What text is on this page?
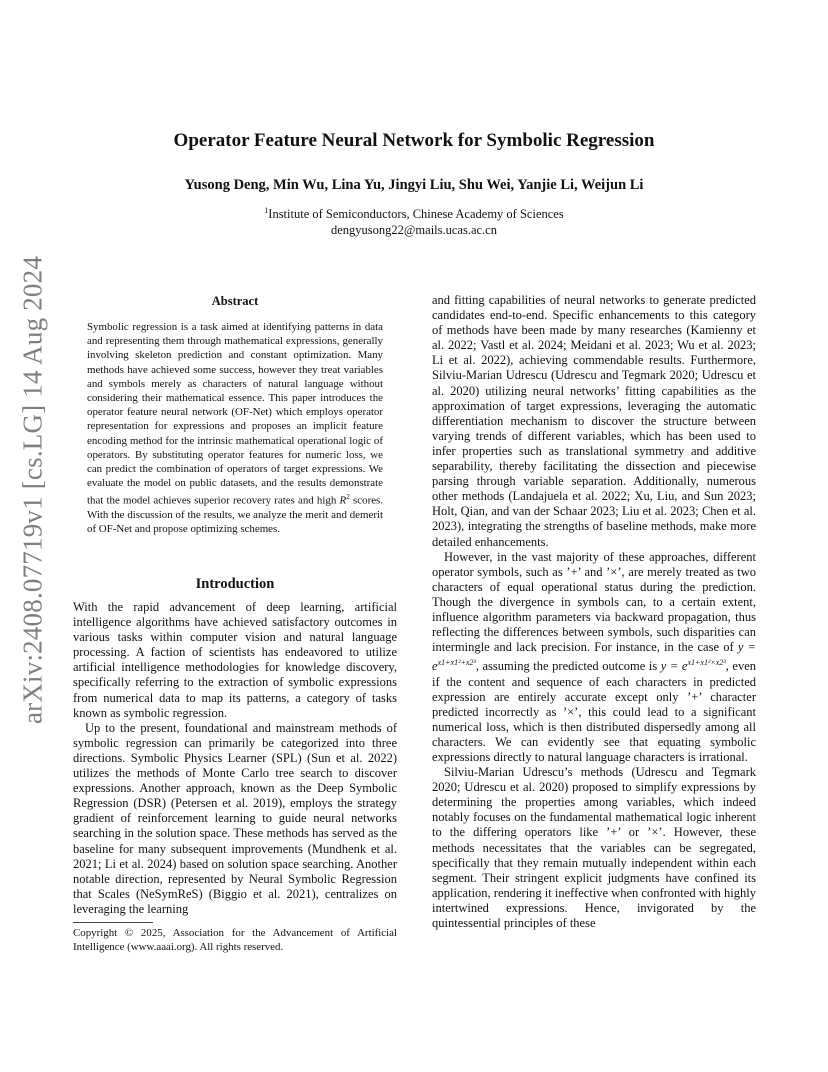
arXiv:2408.07719v1 [cs.LG] 14 Aug 2024
Operator Feature Neural Network for Symbolic Regression
Yusong Deng, Min Wu, Lina Yu, Jingyi Liu, Shu Wei, Yanjie Li, Weijun Li
$^1$Institute of Semiconductors, Chinese Academy of Sciences
dengyusong22@mails.ucas.ac.cn
Abstract
Symbolic regression is a task aimed at identifying patterns in data and representing them through mathematical expressions, generally involving skeleton prediction and constant optimization. Many methods have achieved some success, however they treat variables and symbols merely as characters of natural language without considering their mathematical essence. This paper introduces the operator feature neural network (OF-Net) which employs operator representation for expressions and proposes an implicit feature encoding method for the intrinsic mathematical operational logic of operators. By substituting operator features for numeric loss, we can predict the combination of operators of target expressions. We evaluate the model on public datasets, and the results demonstrate that the model achieves superior recovery rates and high $R^2$ scores. With the discussion of the results, we analyze the merit and demerit of OF-Net and propose optimizing schemes.
Introduction

With the rapid advancement of deep learning, artificial intelligence algorithms have achieved satisfactory outcomes in various tasks within computer vision and natural language processing. A faction of scientists has endeavored to utilize artificial intelligence methodologies for knowledge discovery, specifically referring to the extraction of symbolic expressions from numerical data to map its patterns, a category of tasks known as symbolic regression.

Up to the present, foundational and mainstream methods of symbolic regression can primarily be categorized into three directions. Symbolic Physics Learner (SPL) (Sun et al. 2022) utilizes the methods of Monte Carlo tree search to discover expressions. Another approach, known as the Deep Symbolic Regression (DSR) (Petersen et al. 2019), employs the strategy gradient of reinforcement learning to guide neural networks searching in the solution space. These methods has served as the baseline for many subsequent improvements (Mundhenk et al. 2021; Li et al. 2024) based on solution space searching. Another notable direction, represented by Neural Symbolic Regression that Scales (NeSymReS) (Biggio et al. 2021), centralizes on leveraging the learning

Copyright © 2025, Association for the Advancement of Artificial Intelligence (www.aaai.org). All rights reserved.

and fitting capabilities of neural networks to generate predicted candidates end-to-end. Specific enhancements to this category of methods have been made by many researches (Kamienny et al. 2022; Vastl et al. 2024; Meidani et al. 2023; Wu et al. 2023; Li et al. 2022), achieving commendable results. Furthermore, Silviu-Marian Udrescu (Udrescu and Tegmark 2020; Udrescu et al. 2020) utilizing neural networks’ fitting capabilities as the approximation of target expressions, leveraging the automatic differentiation mechanism to discover the structure between varying trends of different variables, which has been used to infer properties such as translational symmetry and additive separability, thereby facilitating the dissection and piecewise parsing through variable separation. Additionally, numerous other methods (Landajuela et al. 2022; Xu, Liu, and Sun 2023; Holt, Qian, and van der Schaar 2023; Liu et al. 2023; Chen et al. 2023), integrating the strengths of baseline methods, make more detailed enhancements.

However, in the vast majority of these approaches, different operator symbols, such as ’+’ and ’×’, are merely treated as two characters of equal operational status during the prediction. Though the divergence in symbols can, to a certain extent, influence algorithm parameters via backward propagation, thus reflecting the differences between symbols, such disparities can intermingle and lack precision. For instance, in the case of $y = e^{x1+x1^2+x2^3}$, assuming the predicted outcome is $y = e^{x1+x1^2\times x2^3}$, even if the content and sequence of each characters in predicted expression are entirely accurate except only ’+’ character predicted incorrectly as ’×’, this could lead to a significant numerical loss, which is then distributed dispersedly among all characters. We can evidently see that equating symbolic expressions directly to natural language characters is irrational.

Silviu-Marian Udrescu’s methods (Udrescu and Tegmark 2020; Udrescu et al. 2020) proposed to simplify expressions by determining the properties among variables, which indeed notably focuses on the fundamental mathematical logic inherent to the differing operators like ’+’ or ’×’. However, these methods necessitates that the variables can be segregated, specifically that they remain mutually independent within each segment. Their stringent explicit judgments have confined its application, rendering it ineffective when confronted with highly intertwined expressions. Hence, invigorated by the quintessential principles of these
